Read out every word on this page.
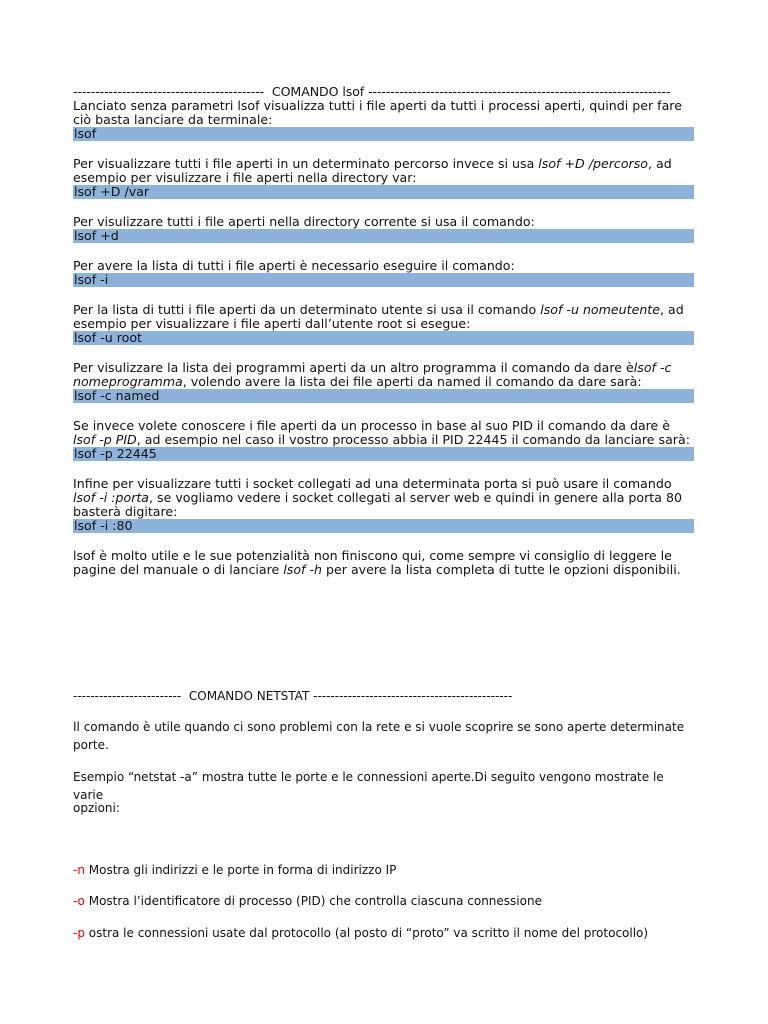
------------------------------------------- COMANDO lsof --------------------------------------------------------------------

Lanciato senza parametri lsof visualizza tutti i file aperti da tutti i processi aperti, quindi per fare ciò basta lanciare da terminale:

lsof

Per visualizzare tutti i file aperti in un determinato percorso invece si usa lsof +D /percorso, ad esempio per visulizzare i file aperti nella directory var:

lsof +D /var

Per visulizzare tutti i file aperti nella directory corrente si usa il comando:

lsof +d

Per avere la lista di tutti i file aperti è necessario eseguire il comando:

lsof -i

Per la lista di tutti i file aperti da un determinato utente si usa il comando lsof -u nomeutente, ad esempio per visualizzare i file aperti dall’utente root si esegue:

lsof -u root

Per visulizzare la lista dei programmi aperti da un altro programma il comando da dare èlsof -c nomeprogramma, volendo avere la lista dei file aperti da named il comando da dare sarà:

lsof -c named

Se invece volete conoscere i file aperti da un processo in base al suo PID il comando da dare è lsof -p PID, ad esempio nel caso il vostro processo abbia il PID 22445 il comando da lanciare sarà:

lsof -p 22445

Infine per visualizzare tutti i socket collegati ad una determinata porta si può usare il comando lsof -i :porta, se vogliamo vedere i socket collegati al server web e quindi in genere alla porta 80 basterà digitare:

lsof -i :80

lsof è molto utile e le sue potenzialità non finiscono qui, come sempre vi consiglio di leggere le pagine del manuale o di lanciare lsof -h per avere la lista completa di tutte le opzioni disponibili.

------------------------- COMANDO NETSTAT ----------------------------------------------
Il comando è utile quando ci sono problemi con la rete e si vuole scoprire se sono aperte determinate porte.
Esempio “netstat -a” mostra tutte le porte e le connessioni aperte.Di seguito vengono mostrate le varie
opzioni:
-n Mostra gli indirizzi e le porte in forma di indirizzo IP
-o Mostra l’identificatore di processo (PID) che controlla ciascuna connessione
-p ostra le connessioni usate dal protocollo (al posto di “proto” va scritto il nome del protocollo)
